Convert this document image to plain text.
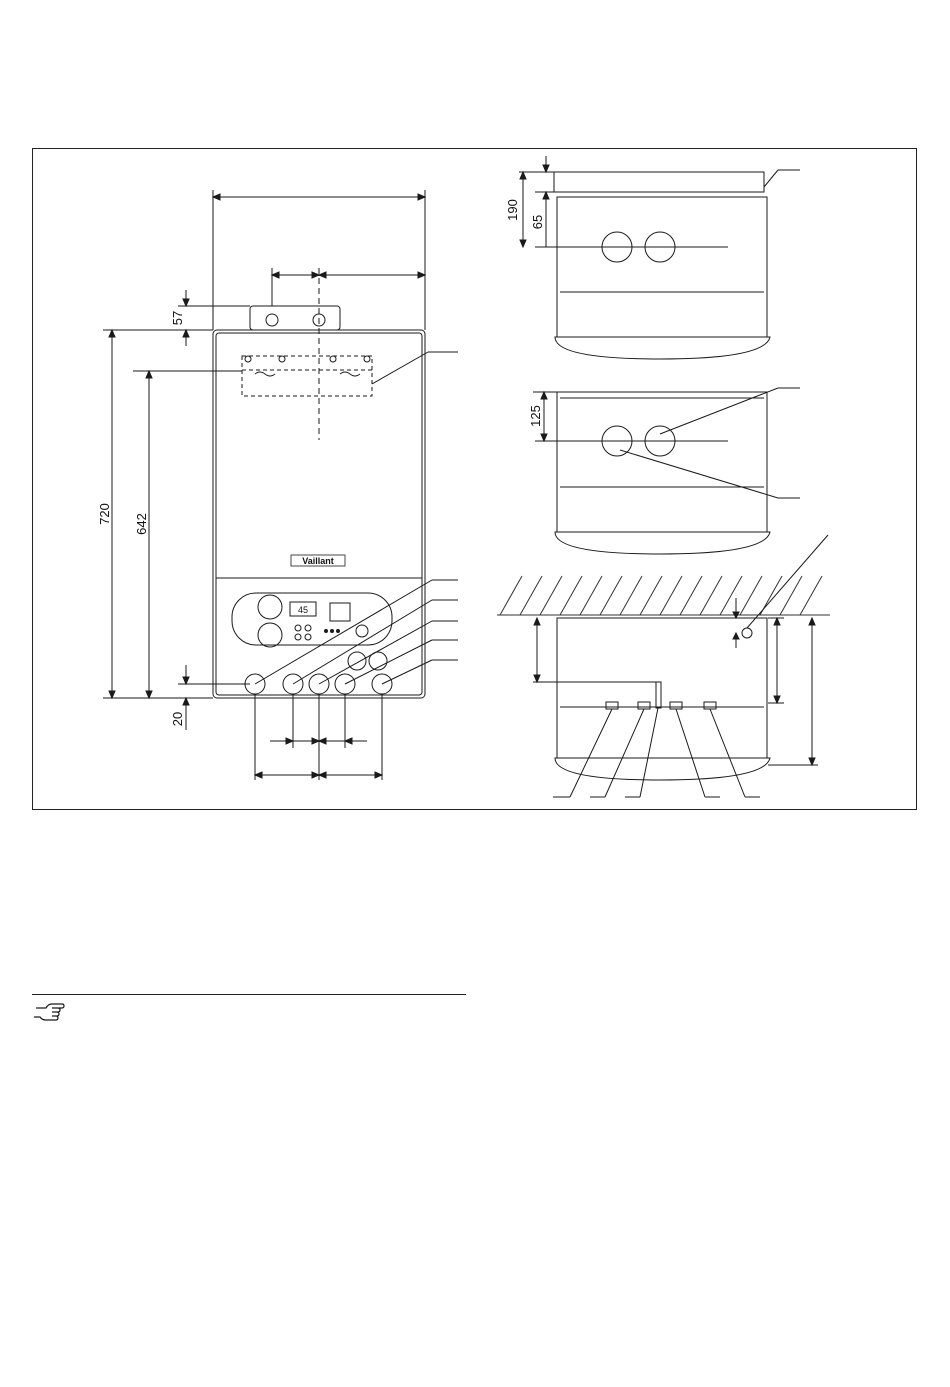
720 642
57
20
190
65
125
Vaillant
45
